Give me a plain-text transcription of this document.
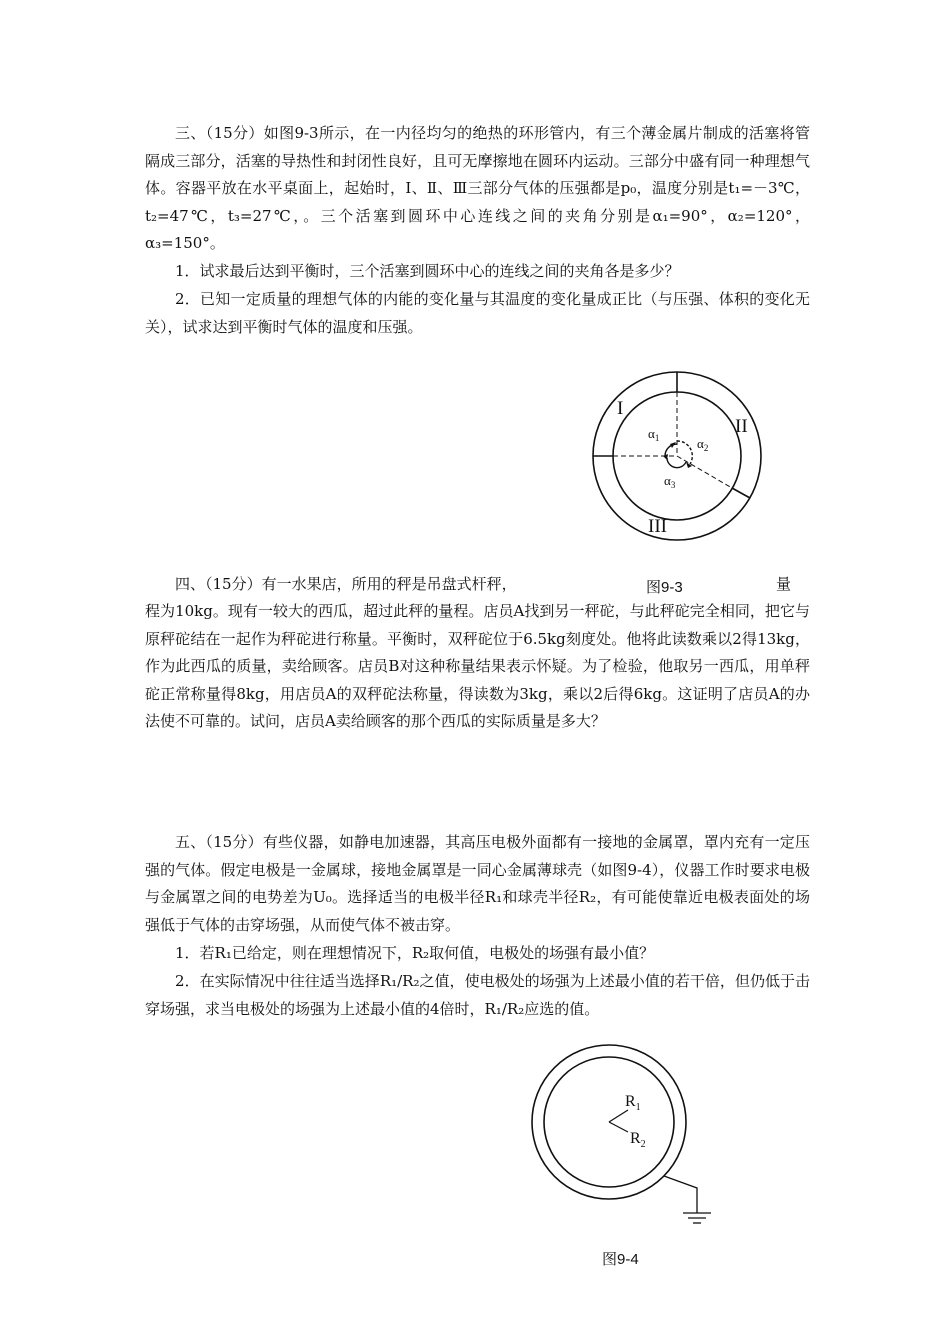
三、（15分）如图9-3所示，在一内径均匀的绝热的环形管内，有三个薄金属片制成的活塞将管隔成三部分，活塞的导热性和封闭性良好，且可无摩擦地在圆环内运动。三部分中盛有同一种理想气体。容器平放在水平桌面上，起始时，Ⅰ、Ⅱ、Ⅲ三部分气体的压强都是p₀，温度分别是t₁=－3℃，t₂=47℃，t₃=27℃，。三个活塞到圆环中心连线之间的夹角分别是α₁=90°，α₂=120°，α₃=150°。

1．试求最后达到平衡时，三个活塞到圆环中心的连线之间的夹角各是多少？

2．已知一定质量的理想气体的内能的变化量与其温度的变化量成正比（与压强、体积的变化无关），试求达到平衡时气体的温度和压强。

I
II
III
$\alpha_1$	$\alpha_2$
$\alpha_3$

四、（15分）有一水果店，所用的秤是吊盘式杆秤，	图9-3	量

程为10kg。现有一较大的西瓜，超过此秤的量程。店员A找到另一秤砣，与此秤砣完全相同，把它与原秤砣结在一起作为秤砣进行称量。平衡时，双秤砣位于6.5kg刻度处。他将此读数乘以2得13kg，作为此西瓜的质量，卖给顾客。店员B对这种称量结果表示怀疑。为了检验，他取另一西瓜，用单秤砣正常称量得8kg，用店员A的双秤砣法称量，得读数为3kg，乘以2后得6kg。这证明了店员A的办法使不可靠的。试问，店员A卖给顾客的那个西瓜的实际质量是多大？

五、（15分）有些仪器，如静电加速器，其高压电极外面都有一接地的金属罩，罩内充有一定压强的气体。假定电极是一金属球，接地金属罩是一同心金属薄球壳（如图9-4），仪器工作时要求电极与金属罩之间的电势差为U₀。选择适当的电极半径R₁和球壳半径R₂，有可能使靠近电极表面处的场强低于气体的击穿场强，从而使气体不被击穿。

1．若R₁已给定，则在理想情况下，R₂取何值，电极处的场强有最小值？

2．在实际情况中往往适当选择R₁/R₂之值，使电极处的场强为上述最小值的若干倍，但仍低于击穿场强，求当电极处的场强为上述最小值的4倍时，R₁/R₂应选的值。

$R_1$
$R_2$
图9-4
